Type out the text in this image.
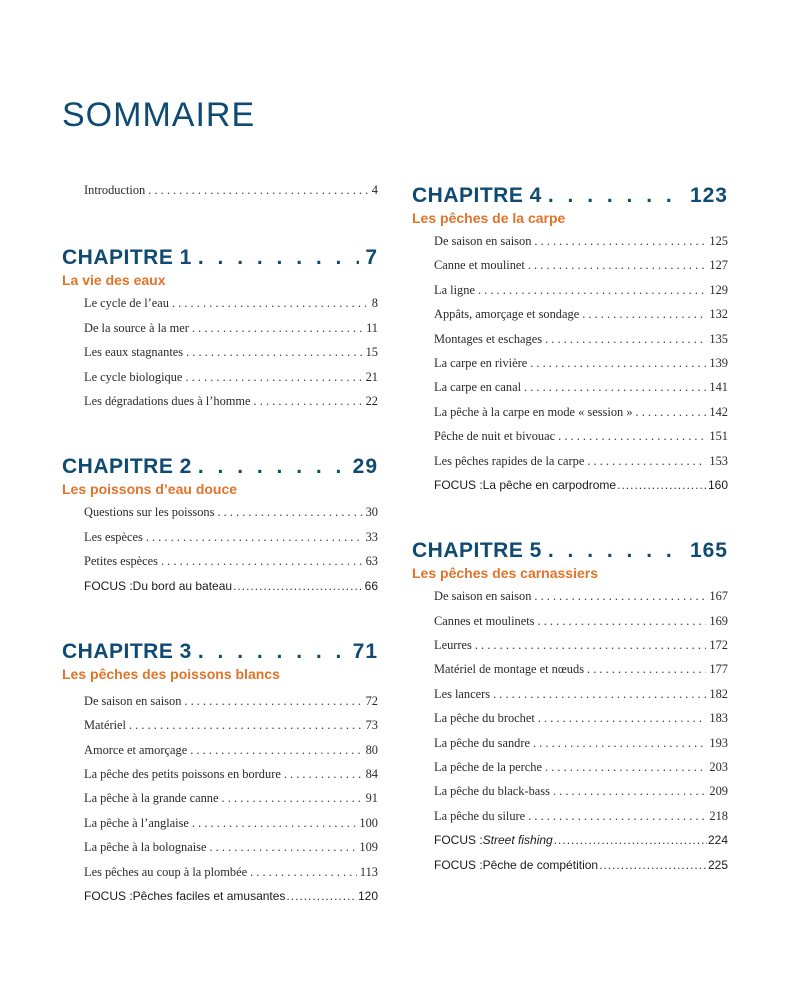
SOMMAIRE
Introduction . . .	4
CHAPITRE 1 . . .	7
La vie des eaux
Le cycle de l’eau . . .	8
De la source à la mer . . .	11
Les eaux stagnantes . . .	15
Le cycle biologique . . .	21
Les dégradations dues à l’homme . . .	22
CHAPITRE 2 . . .	29
Les poissons d’eau douce
Questions sur les poissons . . .	30
Les espèces . . .	33
Petites espèces . . .	63
FOCUS : Du bord au bateau .....	66
CHAPITRE 3 . . .	71
Les pêches des poissons blancs
De saison en saison . . .	72
Matériel . . .	73
Amorce et amorçage . . .	80
La pêche des petits poissons en bordure . . .	84
La pêche à la grande canne . . .	91
La pêche à l’anglaise . . .	100
La pêche à la bolognaise . . .	109
Les pêches au coup à la plombée . . .	113
FOCUS : Pêches faciles et amusantes .....	120
CHAPITRE 4 . . .	123
Les pêches de la carpe
De saison en saison . . .	125
Canne et moulinet . . .	127
La ligne . . .	129
Appâts, amorçage et sondage . . .	132
Montages et eschages . . .	135
La carpe en rivière . . .	139
La carpe en canal . . .	141
La pêche à la carpe en mode « session » . . .	142
Pêche de nuit et bivouac . . .	151
Les pêches rapides de la carpe . . .	153
FOCUS : La pêche en carpodrome .....	160
CHAPITRE 5 . . .	165
Les pêches des carnassiers
De saison en saison . . .	167
Cannes et moulinets . . .	169
Leurres . . .	172
Matériel de montage et nœuds . . .	177
Les lancers . . .	182
La pêche du brochet . . .	183
La pêche du sandre . . .	193
La pêche de la perche . . .	203
La pêche du black-bass . . .	209
La pêche du silure . . .	218
FOCUS : Street fishing .....	224
FOCUS : Pêche de compétition .....	225
